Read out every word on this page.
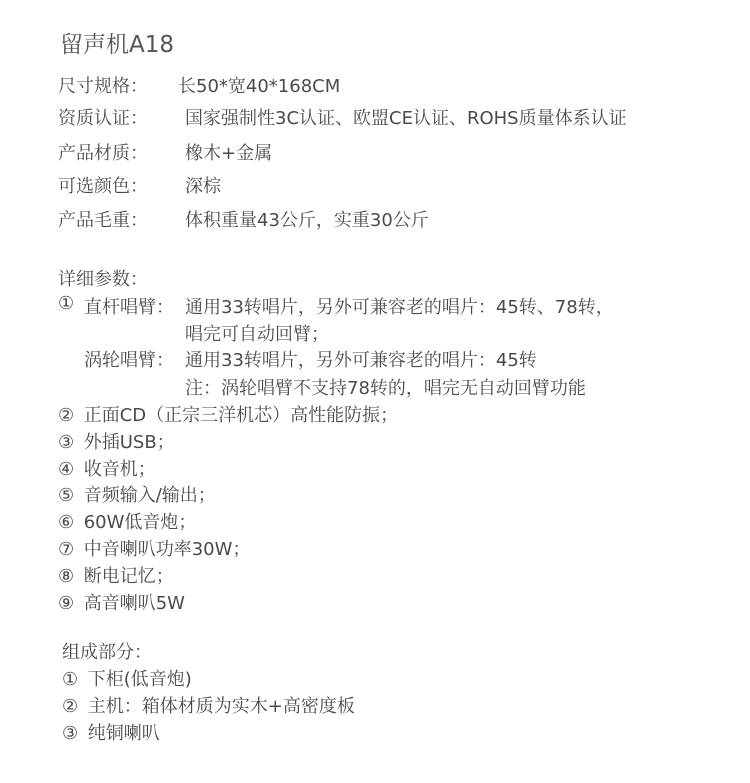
留声机A18
尺寸规格： 长50*宽40*168CM
资质认证： 国家强制性3C认证、欧盟CE认证、ROHS质量体系认证
产品材质： 橡木+金属
可选颜色： 深棕
产品毛重： 体积重量43公斤，实重30公斤
详细参数：
① 直杆唱臂： 通用33转唱片，另外可兼容老的唱片：45转、78转，
唱完可自动回臂；
涡轮唱臂： 通用33转唱片，另外可兼容老的唱片：45转
注：涡轮唱臂不支持78转的，唱完无自动回臂功能
② 正面CD（正宗三洋机芯）高性能防振；
③ 外插USB；
④ 收音机；
⑤ 音频输入/输出；
⑥ 60W低音炮；
⑦ 中音喇叭功率30W；
⑧ 断电记忆；
⑨ 高音喇叭5W
组成部分：
① 下柜(低音炮)
② 主机：箱体材质为实木+高密度板
③ 纯铜喇叭
